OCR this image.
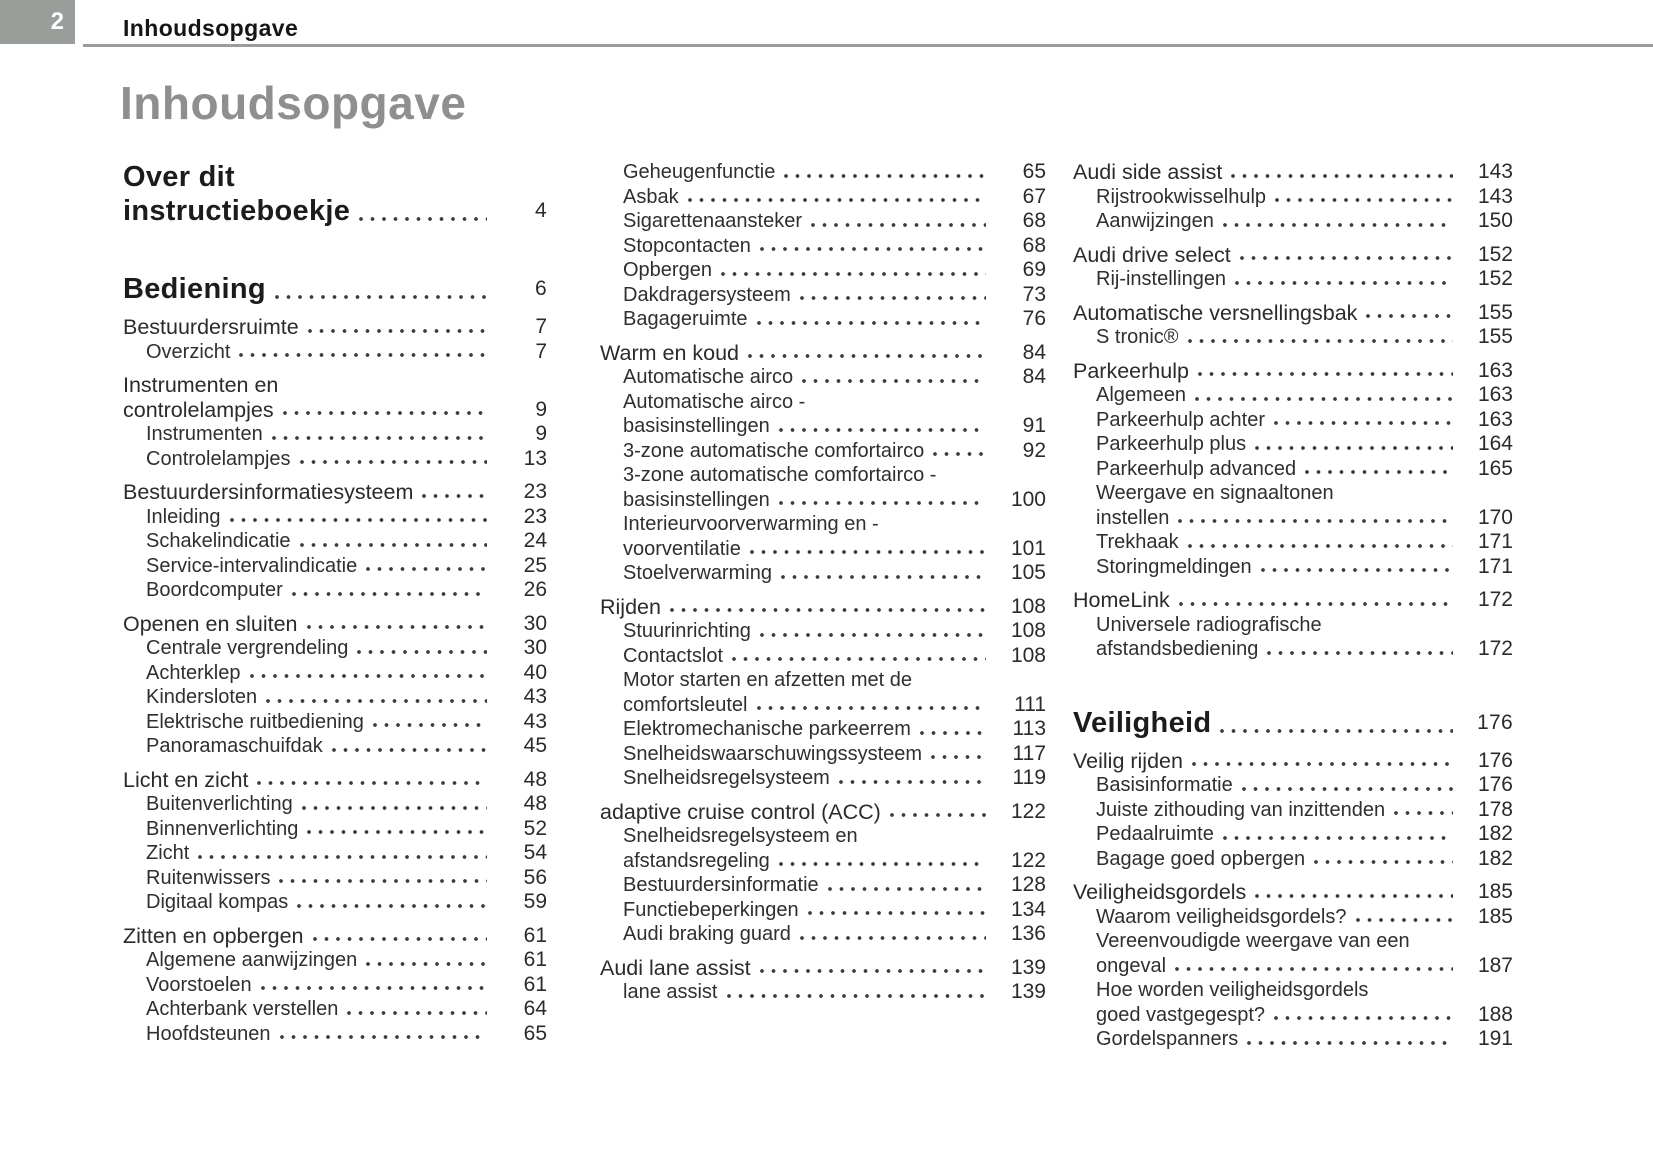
2	Inhoudsopgave
Inhoudsopgave
Over dit
instructieboekje	4
Bediening	6
Bestuurdersruimte	7
Overzicht	7
Instrumenten en
controlelampjes	9
Instrumenten	9
Controlelampjes	13
Bestuurdersinformatiesysteem	23
Inleiding	23
Schakelindicatie	24
Service-intervalindicatie	25
Boordcomputer	26
Openen en sluiten	30
Centrale vergrendeling	30
Achterklep	40
Kindersloten	43
Elektrische ruitbediening	43
Panoramaschuifdak	45
Licht en zicht	48
Buitenverlichting	48
Binnenverlichting	52
Zicht	54
Ruitenwissers	56
Digitaal kompas	59
Zitten en opbergen	61
Algemene aanwijzingen	61
Voorstoelen	61
Achterbank verstellen	64
Hoofdsteunen	65
Geheugenfunctie	65
Asbak	67
Sigarettenaansteker	68
Stopcontacten	68
Opbergen	69
Dakdragersysteem	73
Bagageruimte	76
Warm en koud	84
Automatische airco	84
Automatische airco -
basisinstellingen	91
3-zone automatische comfortairco	92
3-zone automatische comfortairco -
basisinstellingen	100
Interieurvoorverwarming en -
voorventilatie	101
Stoelverwarming	105
Rijden	108
Stuurinrichting	108
Contactslot	108
Motor starten en afzetten met de
comfortsleutel	111
Elektromechanische parkeerrem	113
Snelheidswaarschuwingssysteem	117
Snelheidsregelsysteem	119
adaptive cruise control (ACC)	122
Snelheidsregelsysteem en
afstandsregeling	122
Bestuurdersinformatie	128
Functiebeperkingen	134
Audi braking guard	136
Audi lane assist	139
lane assist	139
Audi side assist	143
Rijstrookwisselhulp	143
Aanwijzingen	150
Audi drive select	152
Rij-instellingen	152
Automatische versnellingsbak	155
S tronic®	155
Parkeerhulp	163
Algemeen	163
Parkeerhulp achter	163
Parkeerhulp plus	164
Parkeerhulp advanced	165
Weergave en signaaltonen
instellen	170
Trekhaak	171
Storingmeldingen	171
HomeLink	172
Universele radiografische
afstandsbediening	172
Veiligheid	176
Veilig rijden	176
Basisinformatie	176
Juiste zithouding van inzittenden	178
Pedaalruimte	182
Bagage goed opbergen	182
Veiligheidsgordels	185
Waarom veiligheidsgordels?	185
Vereenvoudigde weergave van een
ongeval	187
Hoe worden veiligheidsgordels
goed vastgegespt?	188
Gordelspanners	191
